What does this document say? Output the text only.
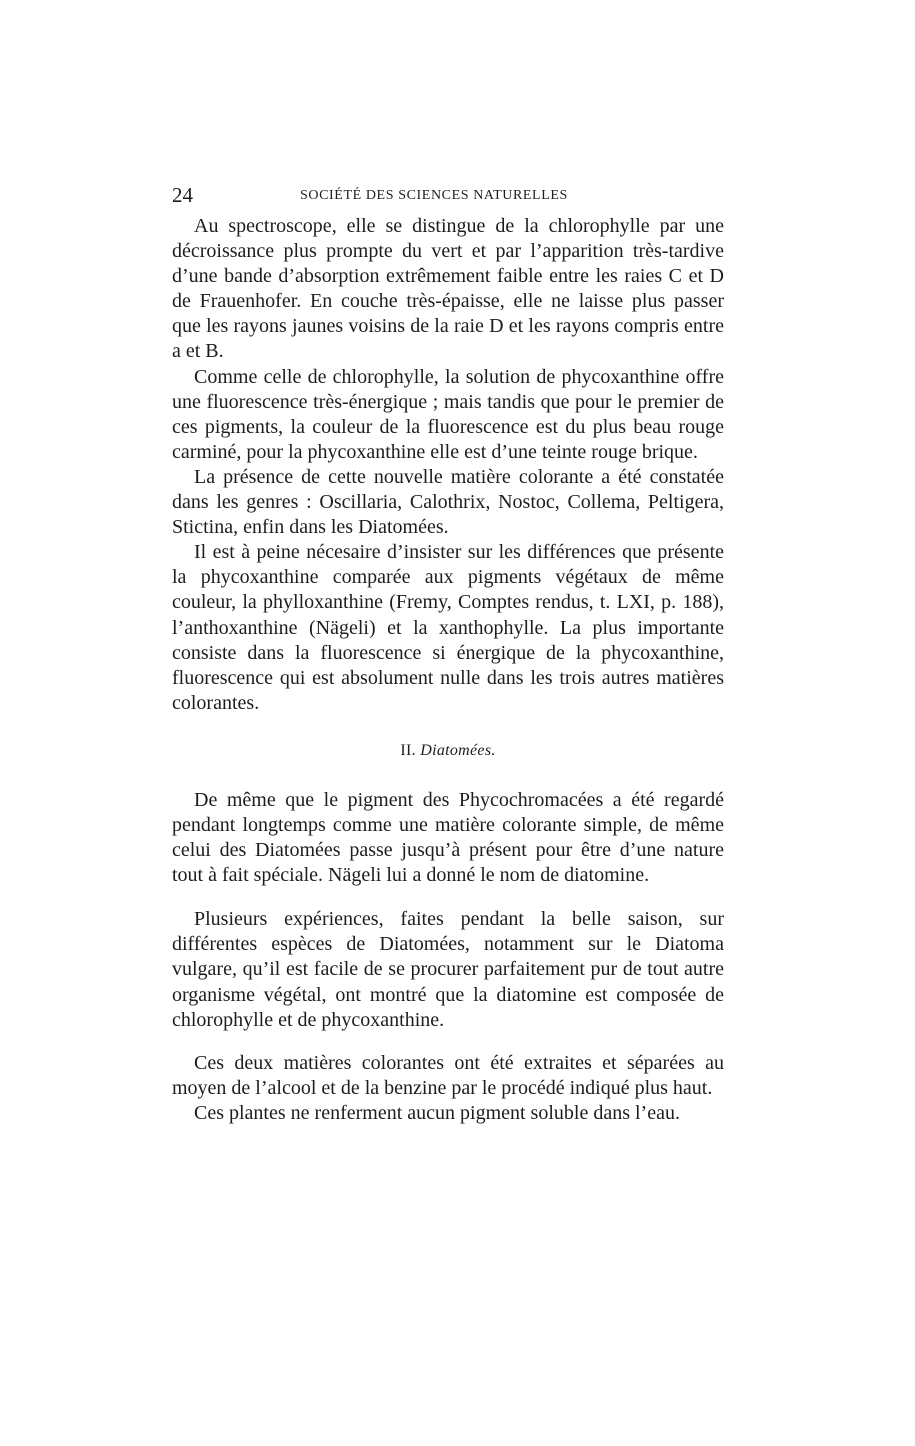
24	SOCIÉTÉ DES SCIENCES NATURELLES

Au spectroscope, elle se distingue de la chlorophylle par une décroissance plus prompte du vert et par l’apparition très-tardive d’une bande d’absorption extrêmement faible entre les raies C et D de Frauenhofer. En couche très-épaisse, elle ne laisse plus passer que les rayons jaunes voisins de la raie D et les rayons compris entre a et B.

Comme celle de chlorophylle, la solution de phycoxanthine offre une fluorescence très-énergique ; mais tandis que pour le premier de ces pigments, la couleur de la fluorescence est du plus beau rouge carminé, pour la phycoxanthine elle est d’une teinte rouge brique.

La présence de cette nouvelle matière colorante a été constatée dans les genres : Oscillaria, Calothrix, Nostoc, Collema, Peltigera, Stictina, enfin dans les Diatomées.

Il est à peine nécesaire d’insister sur les différences que présente la phycoxanthine comparée aux pigments végétaux de même couleur, la phylloxanthine (Fremy, Comptes rendus, t. LXI, p. 188), l’anthoxanthine (Nägeli) et la xanthophylle. La plus importante consiste dans la fluorescence si énergique de la phycoxanthine, fluorescence qui est absolument nulle dans les trois autres matières colorantes.

II. Diatomées.

De même que le pigment des Phycochromacées a été regardé pendant longtemps comme une matière colorante simple, de même celui des Diatomées passe jusqu’à présent pour être d’une nature tout à fait spéciale. Nägeli lui a donné le nom de diatomine.

Plusieurs expériences, faites pendant la belle saison, sur différentes espèces de Diatomées, notamment sur le Diatoma vulgare, qu’il est facile de se procurer parfaitement pur de tout autre organisme végétal, ont montré que la diatomine est composée de chlorophylle et de phycoxanthine.

Ces deux matières colorantes ont été extraites et séparées au moyen de l’alcool et de la benzine par le procédé indiqué plus haut.

Ces plantes ne renferment aucun pigment soluble dans l’eau.
